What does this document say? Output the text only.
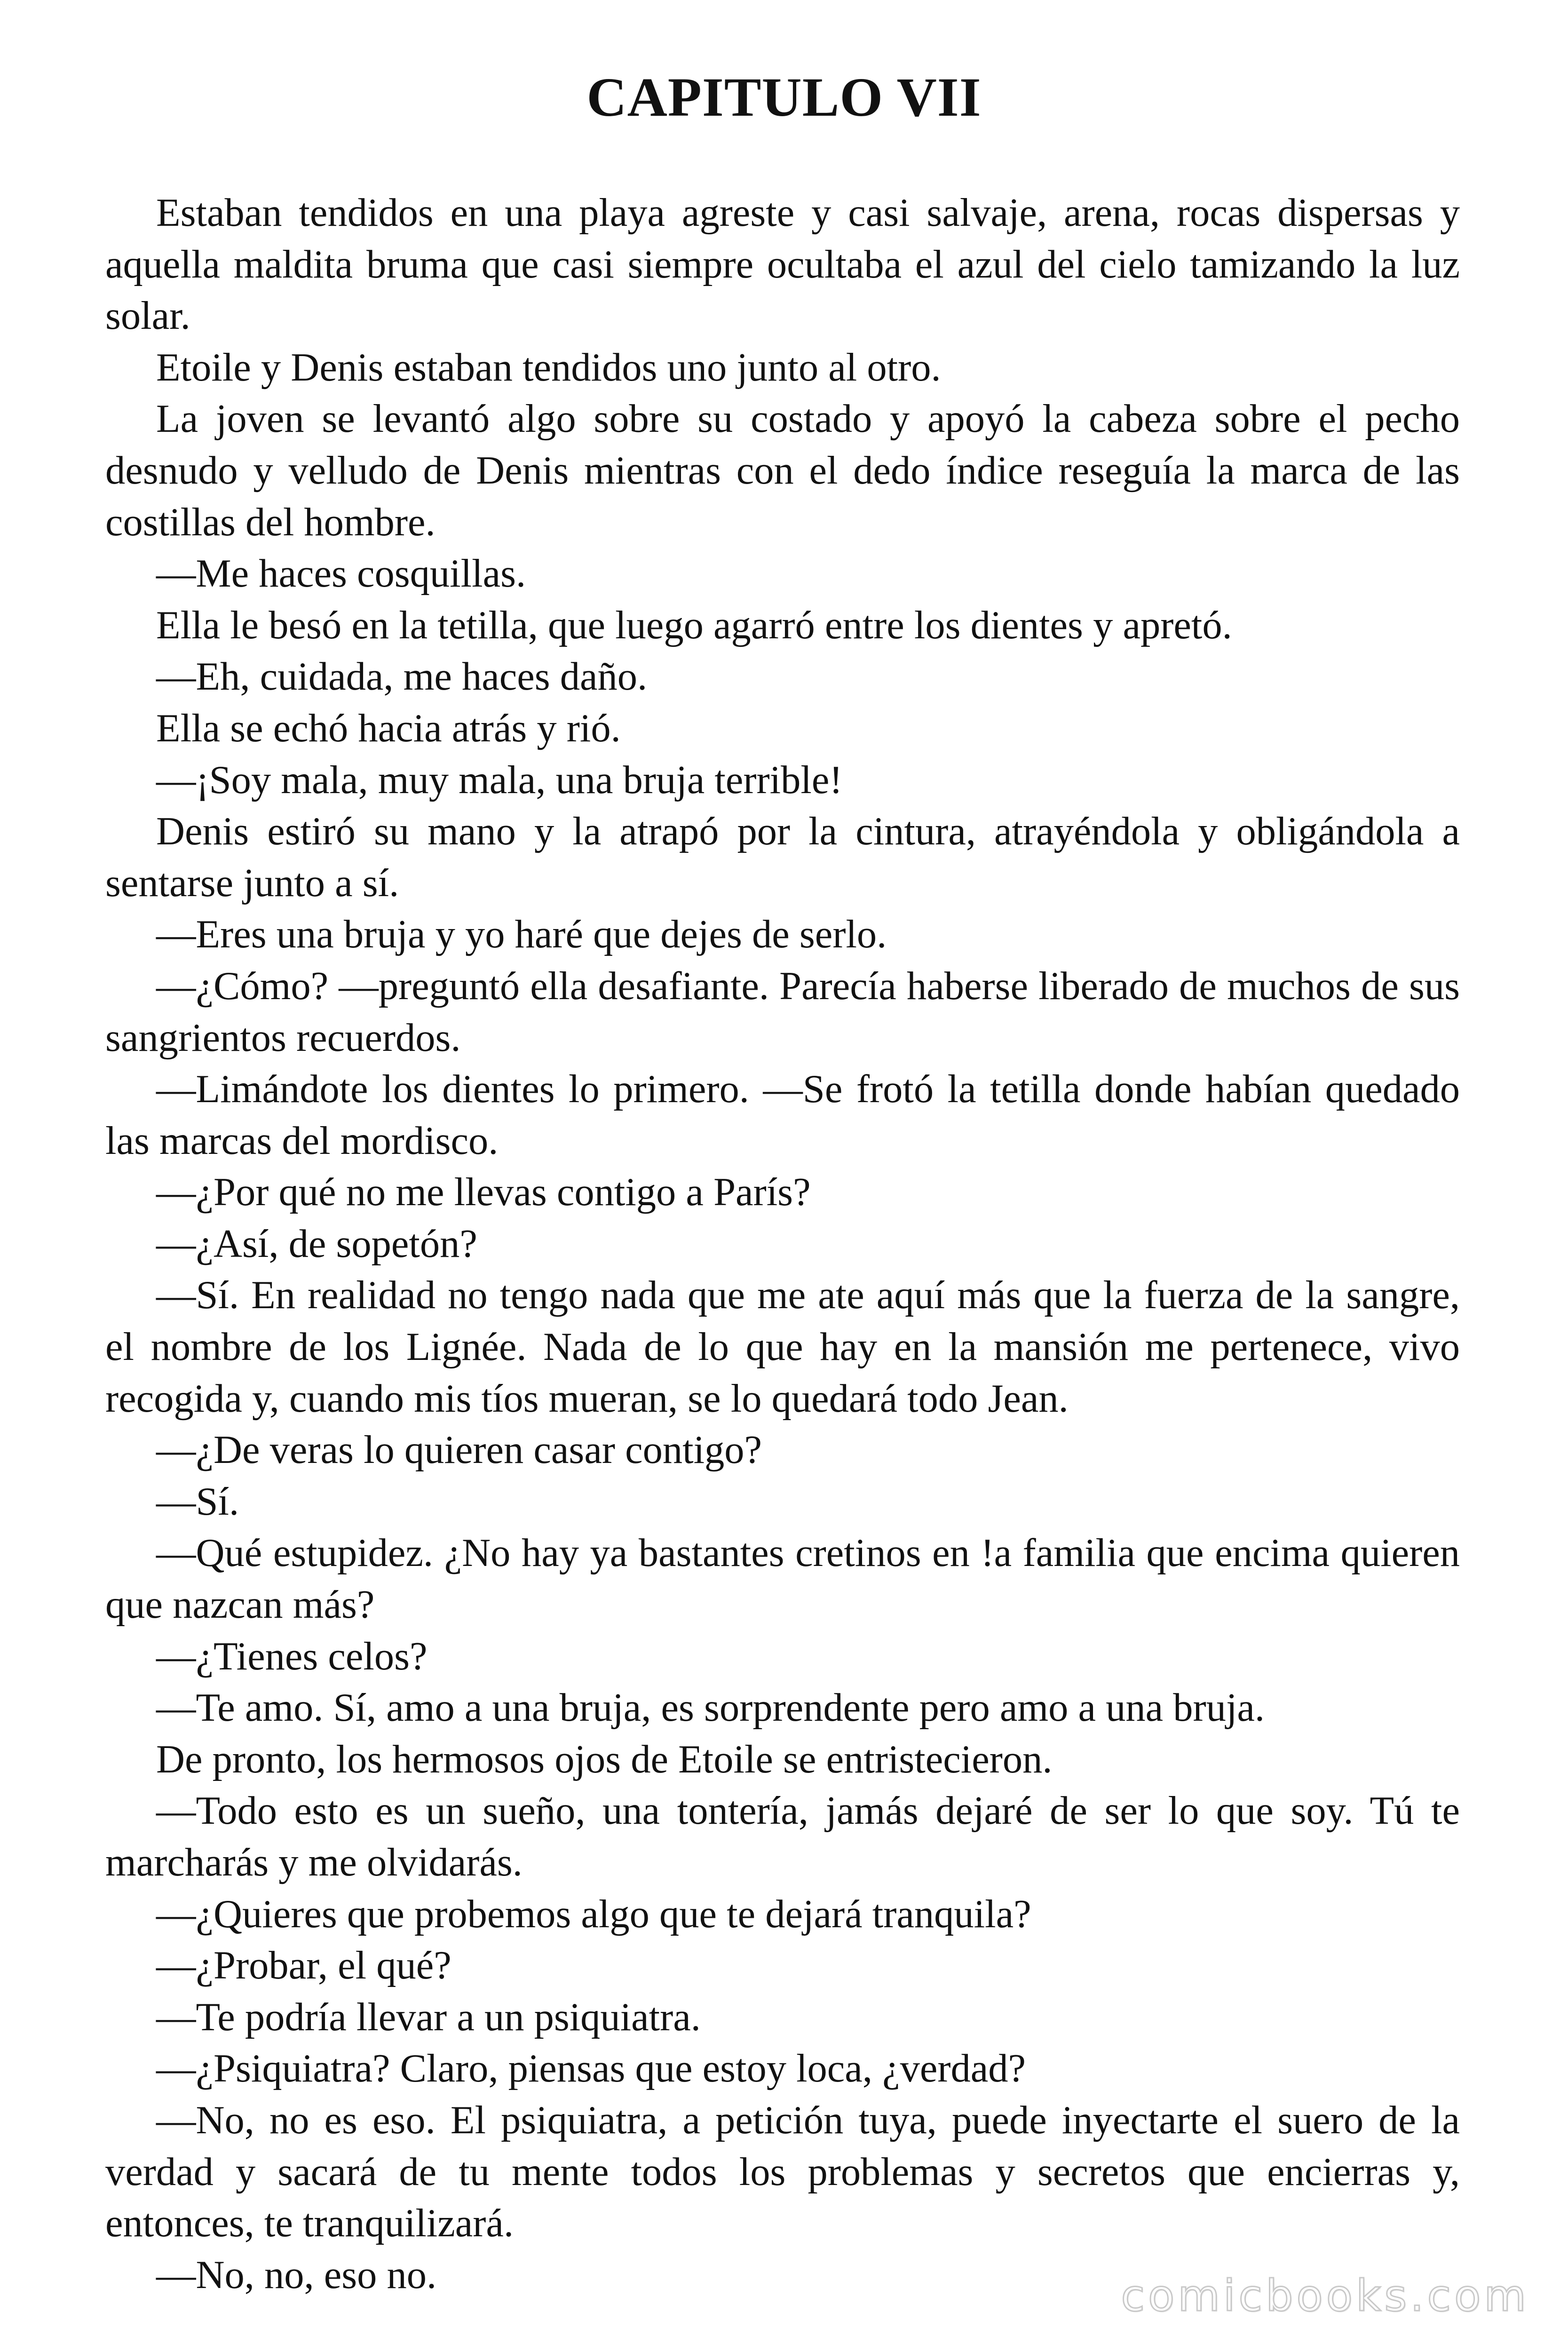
CAPITULO VII

Estaban tendidos en una playa agreste y casi salvaje, arena, rocas dispersas y aquella maldita bruma que casi siempre ocultaba el azul del cielo tamizando la luz solar.

Etoile y Denis estaban tendidos uno junto al otro.

La joven se levantó algo sobre su costado y apoyó la cabeza sobre el pecho desnudo y velludo de Denis mientras con el dedo índice reseguía la marca de las costillas del hombre.

—Me haces cosquillas.

Ella le besó en la tetilla, que luego agarró entre los dientes y apretó.

—Eh, cuidada, me haces daño.

Ella se echó hacia atrás y rió.

—¡Soy mala, muy mala, una bruja terrible!

Denis estiró su mano y la atrapó por la cintura, atrayéndola y obligándola a sentarse junto a sí.

—Eres una bruja y yo haré que dejes de serlo.

—¿Cómo? —preguntó ella desafiante. Parecía haberse liberado de muchos de sus sangrientos recuerdos.

—Limándote los dientes lo primero. —Se frotó la tetilla donde habían quedado las marcas del mordisco.

—¿Por qué no me llevas contigo a París?

—¿Así, de sopetón?

—Sí. En realidad no tengo nada que me ate aquí más que la fuerza de la sangre, el nombre de los Lignée. Nada de lo que hay en la mansión me pertenece, vivo recogida y, cuando mis tíos mueran, se lo quedará todo Jean.

—¿De veras lo quieren casar contigo?

—Sí.

—Qué estupidez. ¿No hay ya bastantes cretinos en !a familia que encima quieren que nazcan más?

—¿Tienes celos?

—Te amo. Sí, amo a una bruja, es sorprendente pero amo a una bruja.

De pronto, los hermosos ojos de Etoile se entristecieron.

—Todo esto es un sueño, una tontería, jamás dejaré de ser lo que soy. Tú te marcharás y me olvidarás.

—¿Quieres que probemos algo que te dejará tranquila?

—¿Probar, el qué?

—Te podría llevar a un psiquiatra.

—¿Psiquiatra? Claro, piensas que estoy loca, ¿verdad?

—No, no es eso. El psiquiatra, a petición tuya, puede inyectarte el suero de la verdad y sacará de tu mente todos los problemas y secretos que encierras y, entonces, te tranquilizará.

—No, no, eso no.	comicbooks.com
